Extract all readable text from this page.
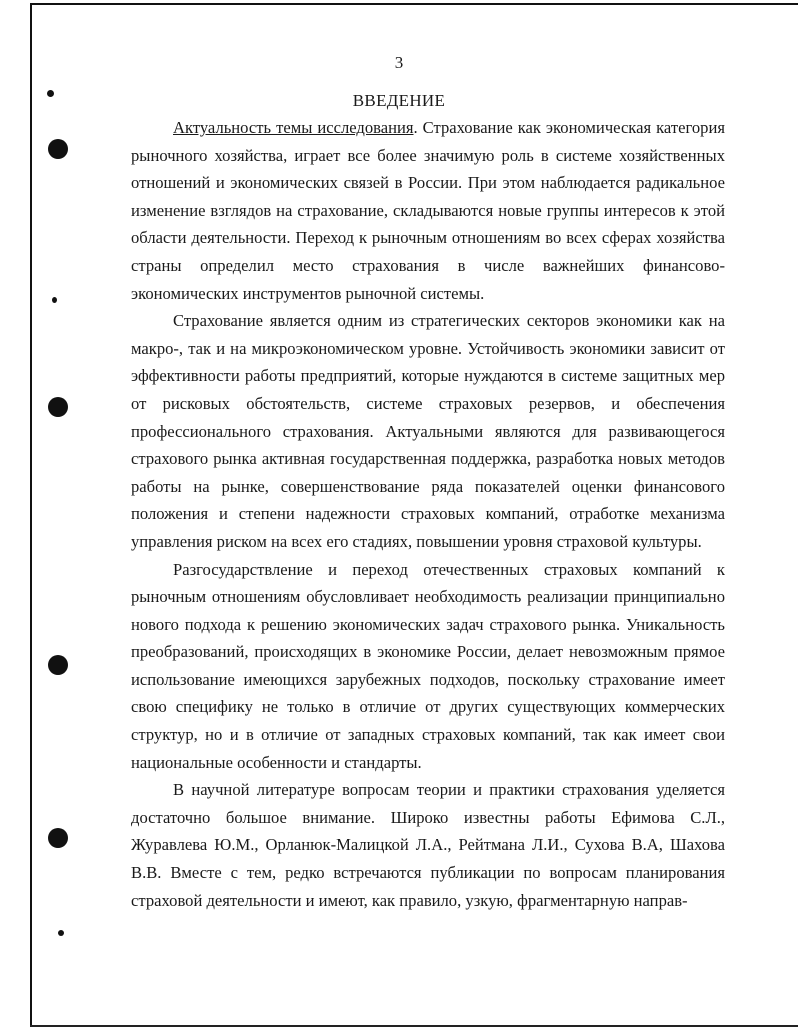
3
ВВЕДЕНИЕ

Актуальность темы исследования. Страхование как экономическая категория рыночного хозяйства, играет все более значимую роль в системе хозяйственных отношений и экономических связей в России. При этом наблюдается радикальное изменение взглядов на страхование, складываются новые группы интересов к этой области деятельности. Переход к рыночным отношениям во всех сферах хозяйства страны определил место страхования в числе важнейших финансово-экономических инструментов рыночной системы.

Страхование является одним из стратегических секторов экономики как на макро-, так и на микроэкономическом уровне. Устойчивость экономики зависит от эффективности работы предприятий, которые нуждаются в системе защитных мер от рисковых обстоятельств, системе страховых резервов, и обеспечения профессионального страхования. Актуальными являются для развивающегося страхового рынка активная государственная поддержка, разработка новых методов работы на рынке, совершенствование ряда показателей оценки финансового положения и степени надежности страховых компаний, отработке механизма управления риском на всех его стадиях, повышении уровня страховой культуры.

Разгосударствление и переход отечественных страховых компаний к рыночным отношениям обусловливает необходимость реализации принципиально нового подхода к решению экономических задач страхового рынка. Уникальность преобразований, происходящих в экономике России, делает невозможным прямое использование имеющихся зарубежных подходов, поскольку страхование имеет свою специфику не только в отличие от других существующих коммерческих структур, но и в отличие от западных страховых компаний, так как имеет свои национальные особенности и стандарты.

В научной литературе вопросам теории и практики страхования уделяется достаточно большое внимание. Широко известны работы Ефимова С.Л., Журавлева Ю.М., Орланюк-Малицкой Л.А., Рейтмана Л.И., Сухова В.А, Шахова В.В. Вместе с тем, редко встречаются публикации по вопросам планирования страховой деятельности и имеют, как правило, узкую, фрагментарную направ-
